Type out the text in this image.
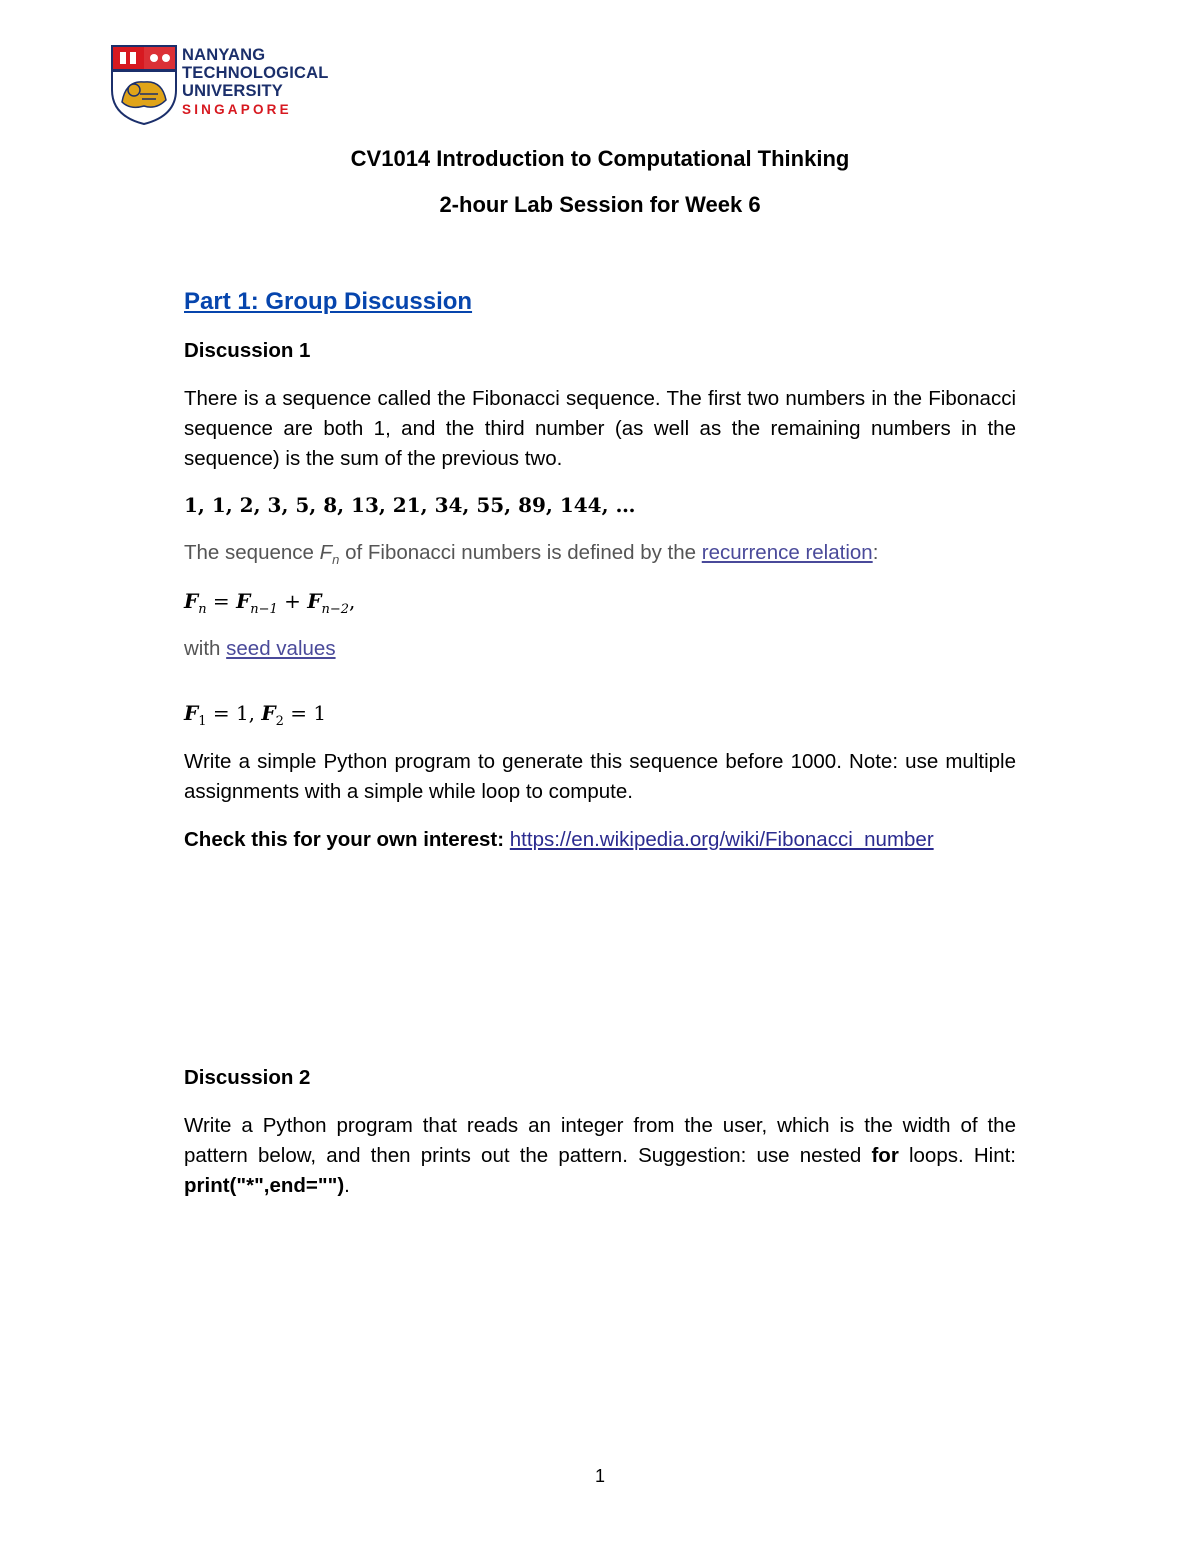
NANYANG
TECHNOLOGICAL
UNIVERSITY
SINGAPORE
CV1014 Introduction to Computational Thinking
2-hour Lab Session for Week 6
Part 1: Group Discussion
Discussion 1
There is a sequence called the Fibonacci sequence. The first two numbers in the Fibonacci sequence are both 1, and the third number (as well as the remaining numbers in the sequence) is the sum of the previous two.
1, 1, 2, 3, 5, 8, 13, 21, 34, 55, 89, 144, …
The sequence $F_n$ of Fibonacci numbers is defined by the recurrence relation:
$F_n = F_{n-1} + F_{n-2}$,
with seed values
$F_1 = 1$, $F_2 = 1$
Write a simple Python program to generate this sequence before 1000. Note: use multiple assignments with a simple while loop to compute.
Check this for your own interest: https://en.wikipedia.org/wiki/Fibonacci_number
Discussion 2
Write a Python program that reads an integer from the user, which is the width of the pattern below, and then prints out the pattern. Suggestion: use nested for loops. Hint: print("*",end="").
1
